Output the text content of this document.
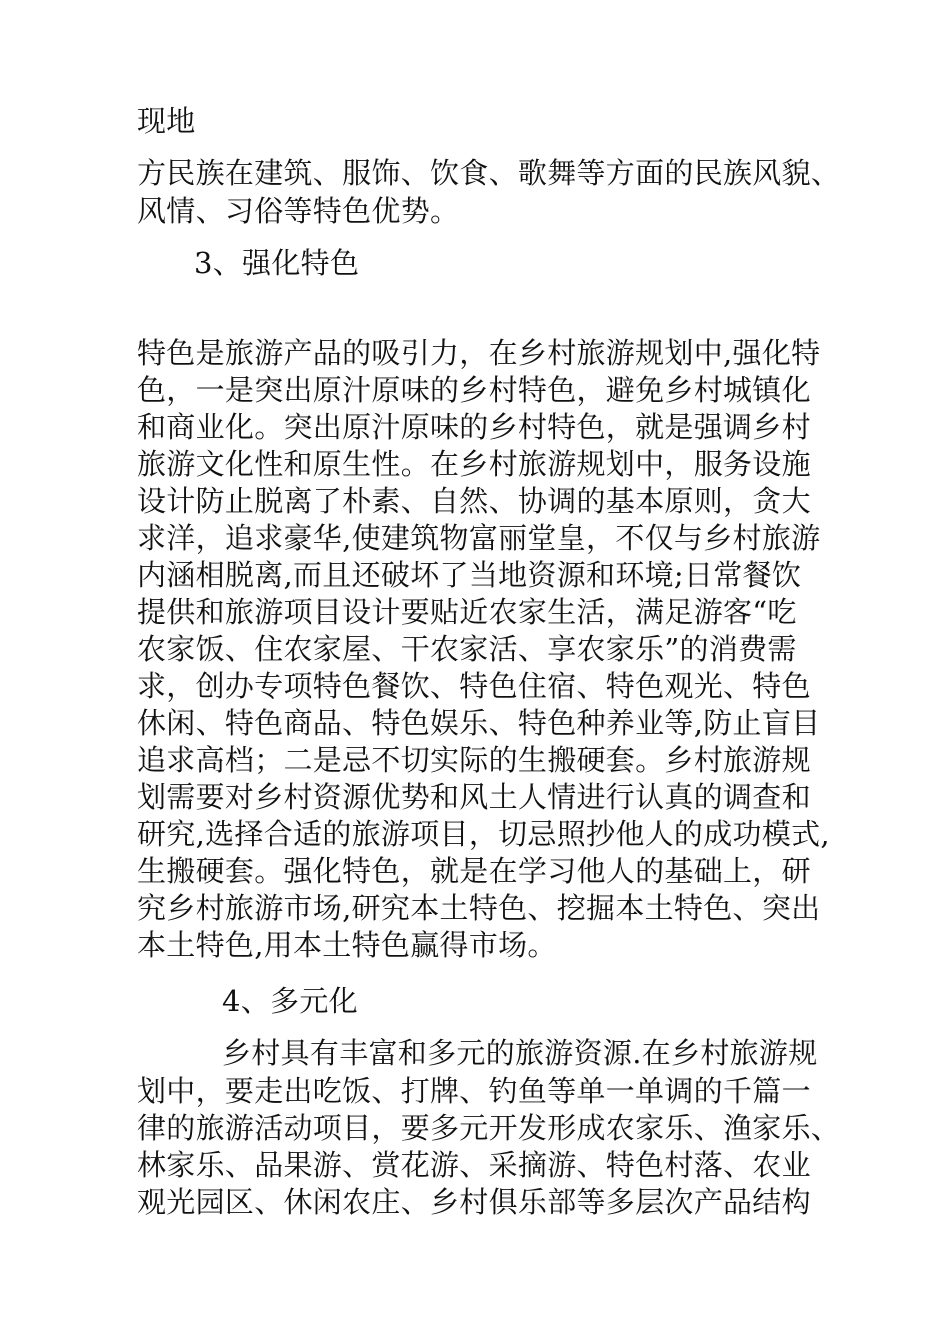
现地
方民族在建筑、服饰、饮食、歌舞等方面的民族风貌、
风情、习俗等特色优势。
3、强化特色
特色是旅游产品的吸引力，在乡村旅游规划中,强化特
色，一是突出原汁原味的乡村特色，避免乡村城镇化
和商业化。突出原汁原味的乡村特色，就是强调乡村
旅游文化性和原生性。在乡村旅游规划中，服务设施
设计防止脱离了朴素、自然、协调的基本原则，贪大
求洋，追求豪华,使建筑物富丽堂皇，不仅与乡村旅游
内涵相脱离,而且还破坏了当地资源和环境;日常餐饮
提供和旅游项目设计要贴近农家生活，满足游客“吃
农家饭、住农家屋、干农家活、享农家乐”的消费需
求，创办专项特色餐饮、特色住宿、特色观光、特色
休闲、特色商品、特色娱乐、特色种养业等,防止盲目
追求高档；二是忌不切实际的生搬硬套。乡村旅游规
划需要对乡村资源优势和风土人情进行认真的调查和
研究,选择合适的旅游项目，切忌照抄他人的成功模式,
生搬硬套。强化特色，就是在学习他人的基础上，研
究乡村旅游市场,研究本土特色、挖掘本土特色、突出
本土特色,用本土特色赢得市场。
4、多元化
乡村具有丰富和多元的旅游资源.在乡村旅游规
划中，要走出吃饭、打牌、钓鱼等单一单调的千篇一
律的旅游活动项目，要多元开发形成农家乐、渔家乐、
林家乐、品果游、赏花游、采摘游、特色村落、农业
观光园区、休闲农庄、乡村俱乐部等多层次产品结构
